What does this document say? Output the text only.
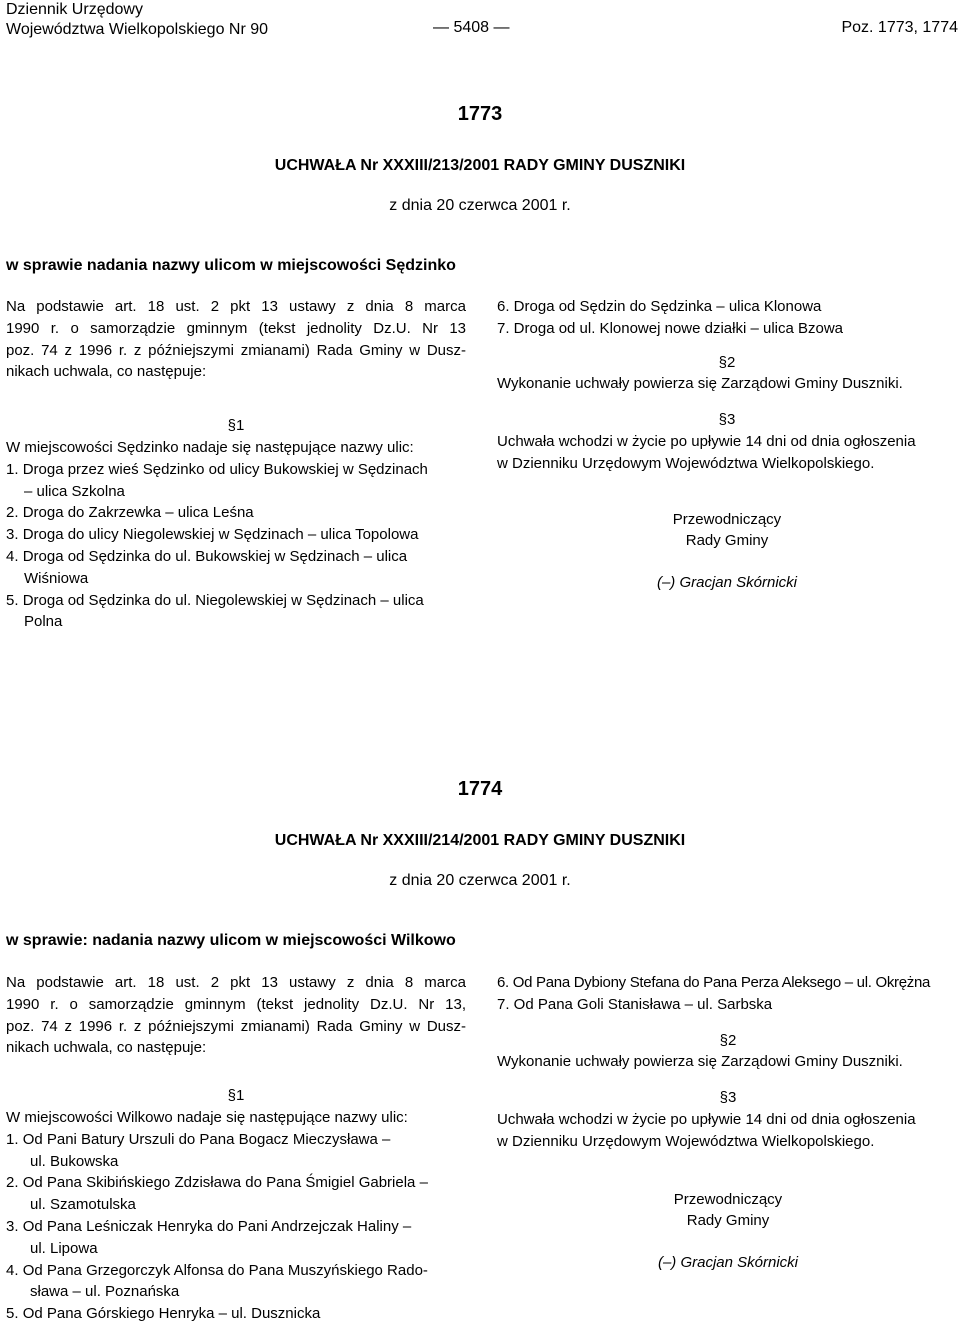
Dziennik Urzędowy
Województwa Wielkopolskiego Nr 90	— 5408 —	Poz. 1773, 1774
1773
UCHWAŁA Nr XXXIII/213/2001 RADY GMINY DUSZNIKI
z dnia 20 czerwca 2001 r.
w sprawie nadania nazwy ulicom w miejscowości Sędzinko

Na podstawie art. 18 ust. 2 pkt 13 ustawy z dnia 8 marca

1990 r. o samorządzie gminnym (tekst jednolity Dz.U. Nr 13

poz. 74 z 1996 r. z późniejszymi zmianami) Rada Gminy w Dusz-

nikach uchwala, co następuje:

§1

W miejscowości Sędzinko nadaje się następujące nazwy ulic:

1. Droga przez wieś Sędzinko od ulicy Bukowskiej w Sędzinach

– ulica Szkolna

2. Droga do Zakrzewka – ulica Leśna

3. Droga do ulicy Niegolewskiej w Sędzinach – ulica Topolowa

4. Droga od Sędzinka do ul. Bukowskiej w Sędzinach – ulica

Wiśniowa

5. Droga od Sędzinka do ul. Niegolewskiej w Sędzinach – ulica

Polna

6. Droga od Sędzin do Sędzinka – ulica Klonowa

7. Droga od ul. Klonowej nowe działki – ulica Bzowa

§2

Wykonanie uchwały powierza się Zarządowi Gminy Duszniki.

§3

Uchwała wchodzi w życie po upływie 14 dni od dnia ogłoszenia

w Dzienniku Urzędowym Województwa Wielkopolskiego.

Przewodniczący

Rady Gminy

(–) Gracjan Skórnicki

1774
UCHWAŁA Nr XXXIII/214/2001 RADY GMINY DUSZNIKI
z dnia 20 czerwca 2001 r.
w sprawie: nadania nazwy ulicom w miejscowości Wilkowo

Na podstawie art. 18 ust. 2 pkt 13 ustawy z dnia 8 marca

1990 r. o samorządzie gminnym (tekst jednolity Dz.U. Nr 13,

poz. 74 z 1996 r. z późniejszymi zmianami) Rada Gminy w Dusz-

nikach uchwala, co następuje:

§1

W miejscowości Wilkowo nadaje się następujące nazwy ulic:

1. Od Pani Batury Urszuli do Pana Bogacz Mieczysława –

ul. Bukowska

2. Od Pana Skibińskiego Zdzisława do Pana Śmigiel Gabriela –

ul. Szamotulska

3. Od Pana Leśniczak Henryka do Pani Andrzejczak Haliny –

ul. Lipowa

4. Od Pana Grzegorczyk Alfonsa do Pana Muszyńskiego Rado-

sława – ul. Poznańska

5. Od Pana Górskiego Henryka – ul. Dusznicka

6. Od Pana Dybiony Stefana do Pana Perza Aleksego – ul. Okrężna

7. Od Pana Goli Stanisława – ul. Sarbska

§2

Wykonanie uchwały powierza się Zarządowi Gminy Duszniki.

§3

Uchwała wchodzi w życie po upływie 14 dni od dnia ogłoszenia

w Dzienniku Urzędowym Województwa Wielkopolskiego.

Przewodniczący

Rady Gminy

(–) Gracjan Skórnicki
